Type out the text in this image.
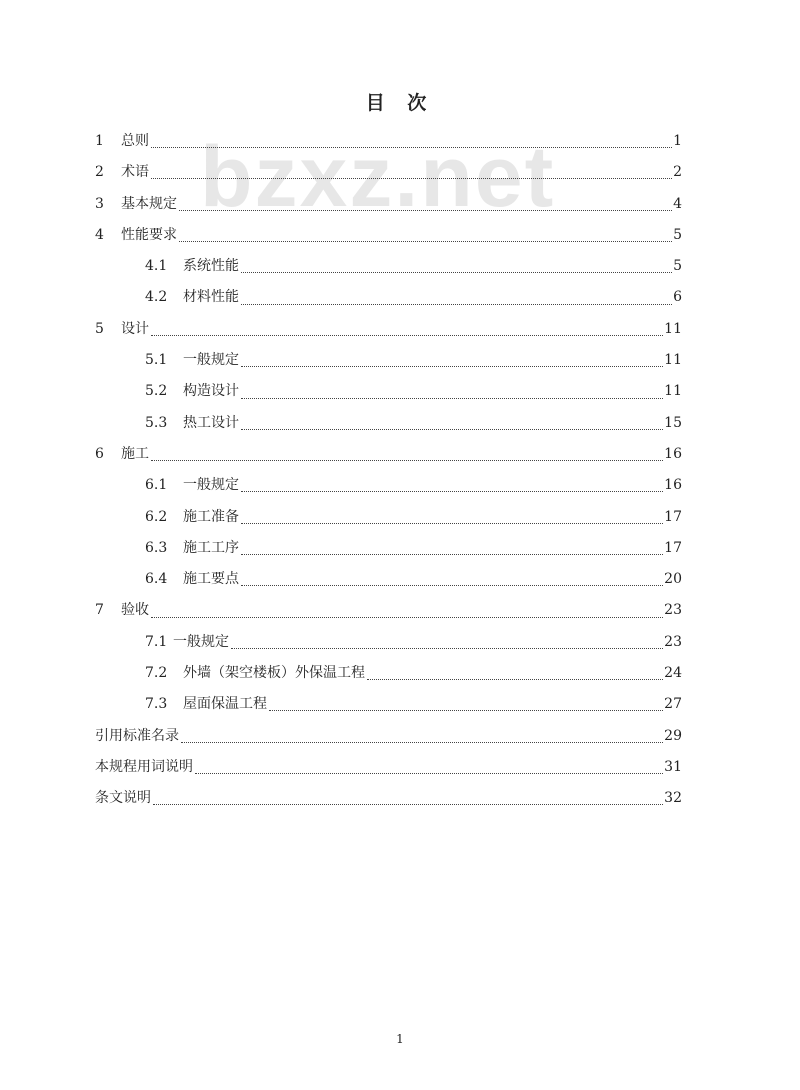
bzxz.net
目 次
1	总则	1
2	术语	2
3	基本规定	4
4	性能要求	5
4.1	系统性能	5
4.2	材料性能	6
5	设计	11
5.1	一般规定	11
5.2	构造设计	11
5.3	热工设计	15
6	施工	16
6.1	一般规定	16
6.2	施工准备	17
6.3	施工工序	17
6.4	施工要点	20
7	验收	23
7.1 一般规定	23
7.2	外墙（架空楼板）外保温工程	24
7.3	屋面保温工程	27
引用标准名录	29
本规程用词说明	31
条文说明	32
1
